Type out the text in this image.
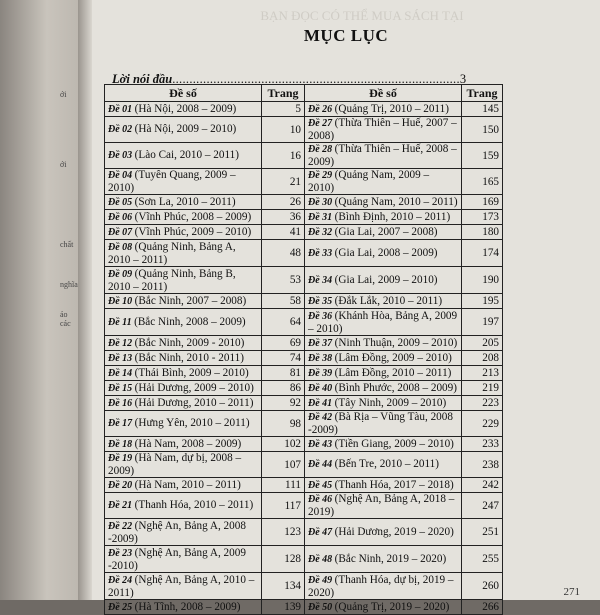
ới
ới
chất
nghĩa
ảo các
BẠN ĐỌC CÓ THỂ MUA SÁCH TẠI
MỤC LỤC
Lời nói đầu....................................................................................3
Đề số	Trang	Đề số	Trang
Đề 01 (Hà Nội, 2008 – 2009)	5	Đề 26 (Quảng Trị, 2010 – 2011)	145
Đề 02 (Hà Nội, 2009 – 2010)	10	Đề 27 (Thừa Thiên – Huế, 2007 – 2008)	150
Đề 03 (Lào Cai, 2010 – 2011)	16	Đề 28 (Thừa Thiên – Huế, 2008 – 2009)	159
Đề 04 (Tuyên Quang, 2009 – 2010)	21	Đề 29 (Quảng Nam, 2009 – 2010)	165
Đề 05 (Sơn La, 2010 – 2011)	26	Đề 30 (Quảng Nam, 2010 – 2011)	169
Đề 06 (Vĩnh Phúc, 2008 – 2009)	36	Đề 31 (Bình Định, 2010 – 2011)	173
Đề 07 (Vĩnh Phúc, 2009 – 2010)	41	Đề 32 (Gia Lai, 2007 – 2008)	180
Đề 08 (Quảng Ninh, Bảng A, 2010 – 2011)	48	Đề 33 (Gia Lai, 2008 – 2009)	174
Đề 09 (Quảng Ninh, Bảng B, 2010 – 2011)	53	Đề 34 (Gia Lai, 2009 – 2010)	190
Đề 10 (Bắc Ninh, 2007 – 2008)	58	Đề 35 (Đắk Lắk, 2010 – 2011)	195
Đề 11 (Bắc Ninh, 2008 – 2009)	64	Đề 36 (Khánh Hòa, Bảng A, 2009 – 2010)	197
Đề 12 (Bắc Ninh, 2009 - 2010)	69	Đề 37 (Ninh Thuận, 2009 – 2010)	205
Đề 13 (Bắc Ninh, 2010 - 2011)	74	Đề 38 (Lâm Đồng, 2009 – 2010)	208
Đề 14 (Thái Bình, 2009 – 2010)	81	Đề 39 (Lâm Đồng, 2010 – 2011)	213
Đề 15 (Hải Dương, 2009 – 2010)	86	Đề 40 (Bình Phước, 2008 – 2009)	219
Đề 16 (Hải Dương, 2010 – 2011)	92	Đề 41 (Tây Ninh, 2009 – 2010)	223
Đề 17 (Hưng Yên, 2010 – 2011)	98	Đề 42 (Bà Rịa – Vũng Tàu, 2008 -2009)	229
Đề 18 (Hà Nam, 2008 – 2009)	102	Đề 43 (Tiền Giang, 2009 – 2010)	233
Đề 19 (Hà Nam, dự bị, 2008 –2009)	107	Đề 44 (Bến Tre, 2010 – 2011)	238
Đề 20 (Hà Nam, 2010 – 2011)	111	Đề 45 (Thanh Hóa, 2017 – 2018)	242
Đề 21 (Thanh Hóa, 2010 – 2011)	117	Đề 46 (Nghệ An, Bảng A, 2018 – 2019)	247
Đề 22 (Nghệ An, Bảng A, 2008 -2009)	123	Đề 47 (Hải Dương, 2019 – 2020)	251
Đề 23 (Nghệ An, Bảng A, 2009 -2010)	128	Đề 48 (Bắc Ninh, 2019 – 2020)	255
Đề 24 (Nghệ An, Bảng A, 2010 –2011)	134	Đề 49 (Thanh Hóa, dự bị, 2019 – 2020)	260
Đề 25 (Hà Tĩnh, 2008 – 2009)	139	Đề 50 (Quảng Trị, 2019 – 2020)	266
271
